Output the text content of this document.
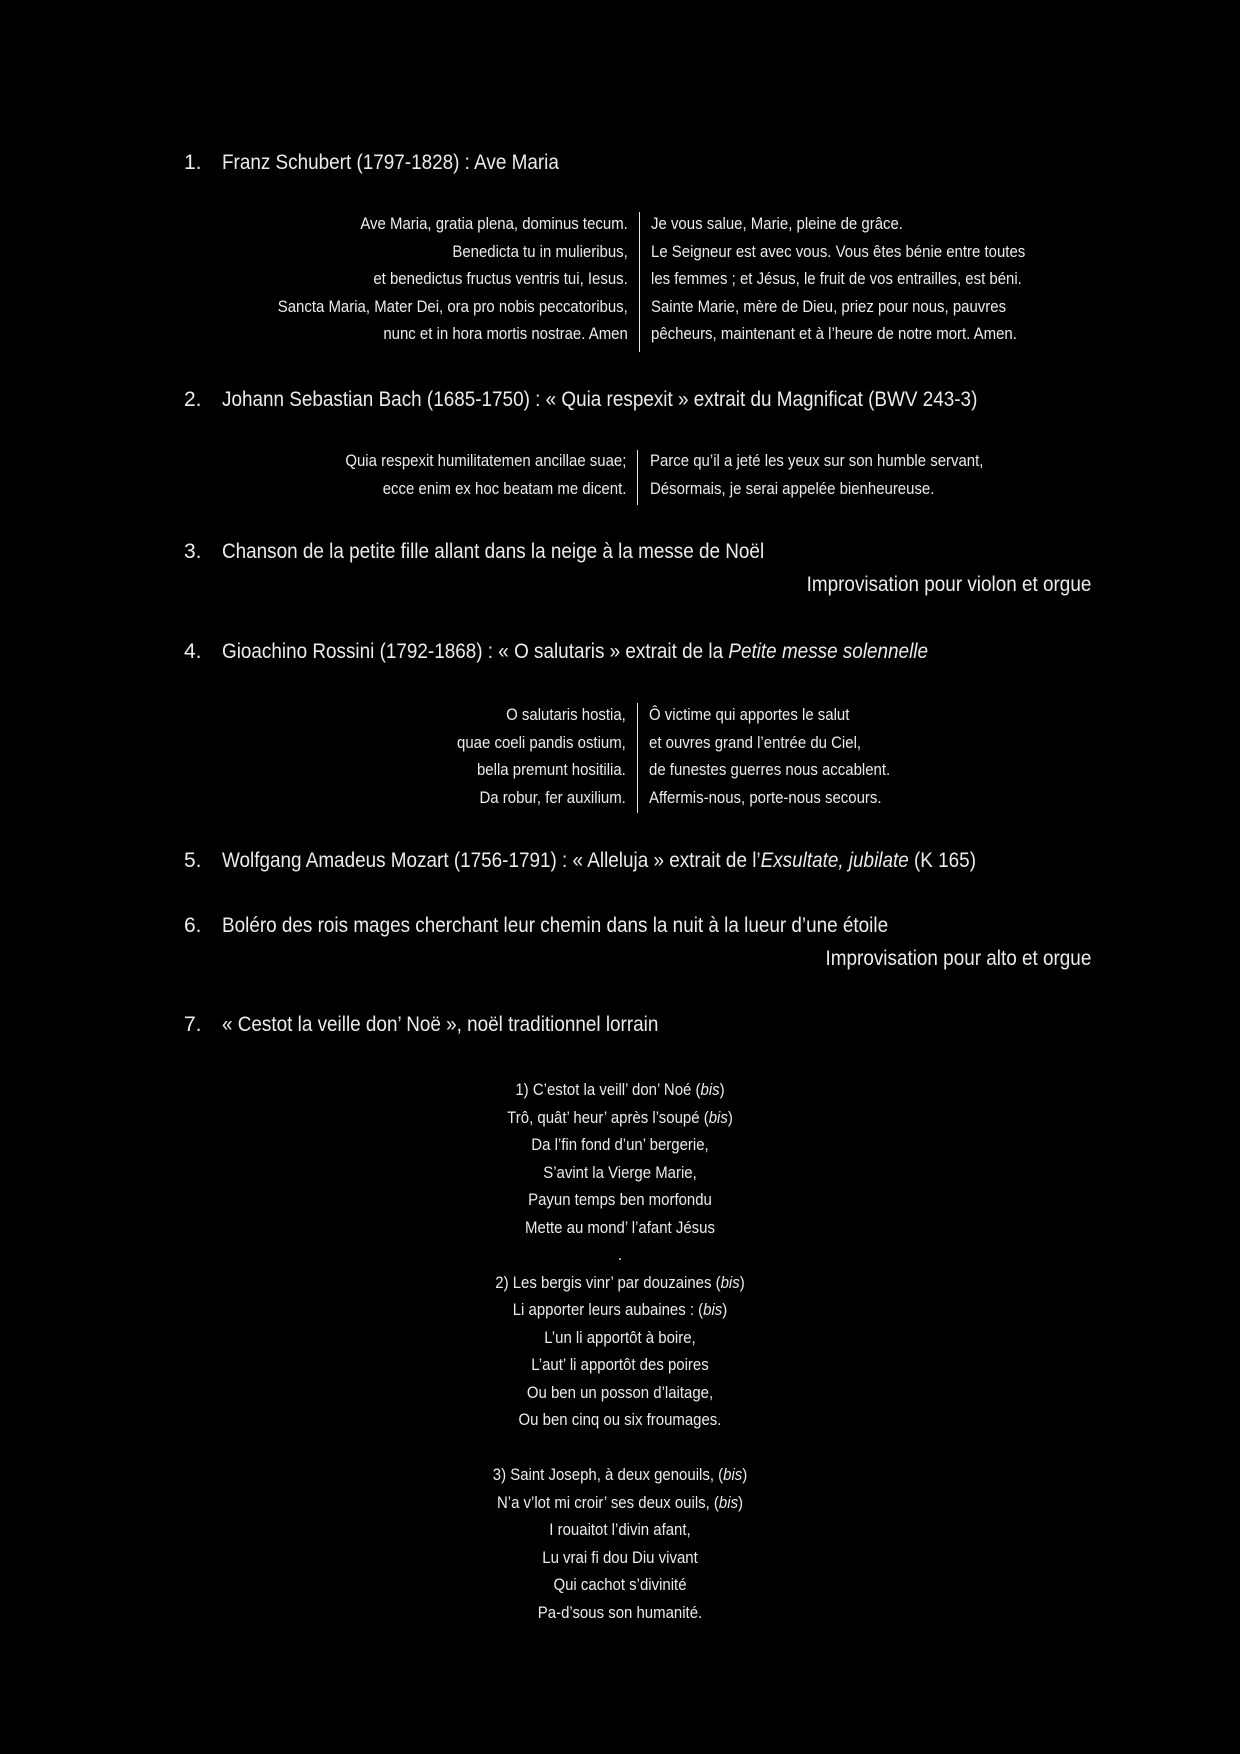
1. Franz Schubert (1797-1828) : Ave Maria
Ave Maria, gratia plena, dominus tecum.
Benedicta tu in mulieribus,
et benedictus fructus ventris tui, Iesus.
Sancta Maria, Mater Dei, ora pro nobis peccatoribus,
nunc et in hora mortis nostrae. Amen
Je vous salue, Marie, pleine de grâce.
Le Seigneur est avec vous. Vous êtes bénie entre toutes
les femmes ; et Jésus, le fruit de vos entrailles, est béni.
Sainte Marie, mère de Dieu, priez pour nous, pauvres
pêcheurs, maintenant et à l’heure de notre mort. Amen.
2. Johann Sebastian Bach (1685-1750) : « Quia respexit » extrait du Magnificat (BWV 243-3)
Quia respexit humilitatemen ancillae suae;
ecce enim ex hoc beatam me dicent.
Parce qu’il a jeté les yeux sur son humble servant,
Désormais, je serai appelée bienheureuse.
3. Chanson de la petite fille allant dans la neige à la messe de Noël
Improvisation pour violon et orgue
4. Gioachino Rossini (1792-1868) : « O salutaris » extrait de la Petite messe solennelle
O salutaris hostia,
quae coeli pandis ostium,
bella premunt hositilia.
Da robur, fer auxilium.
Ô victime qui apportes le salut
et ouvres grand l’entrée du Ciel,
de funestes guerres nous accablent.
Affermis-nous, porte-nous secours.
5. Wolfgang Amadeus Mozart (1756-1791) : « Alleluja » extrait de l’Exsultate, jubilate (K 165)
6. Boléro des rois mages cherchant leur chemin dans la nuit à la lueur d’une étoile
Improvisation pour alto et orgue
7. « Cestot la veille don’ Noë », noël traditionnel lorrain
1) C’estot la veill’ don’ Noé (bis)
Trô, quât’ heur’ après l’soupé (bis)
Da l’fin fond d’un’ bergerie,
S’avint la Vierge Marie,
Payun temps ben morfondu
Mette au mond’ l’afant Jésus
.
2) Les bergis vinr’ par douzaines (bis)
Li apporter leurs aubaines : (bis)
L’un li apportôt à boire,
L’aut’ li apportôt des poires
Ou ben un posson d’laitage,
Ou ben cinq ou six froumages.
3) Saint Joseph, à deux genouils, (bis)
N’a v’lot mi croir’ ses deux ouils, (bis)
I rouaitot l’divin afant,
Lu vrai fi dou Diu vivant
Qui cachot s’divinité
Pa-d’sous son humanité.
